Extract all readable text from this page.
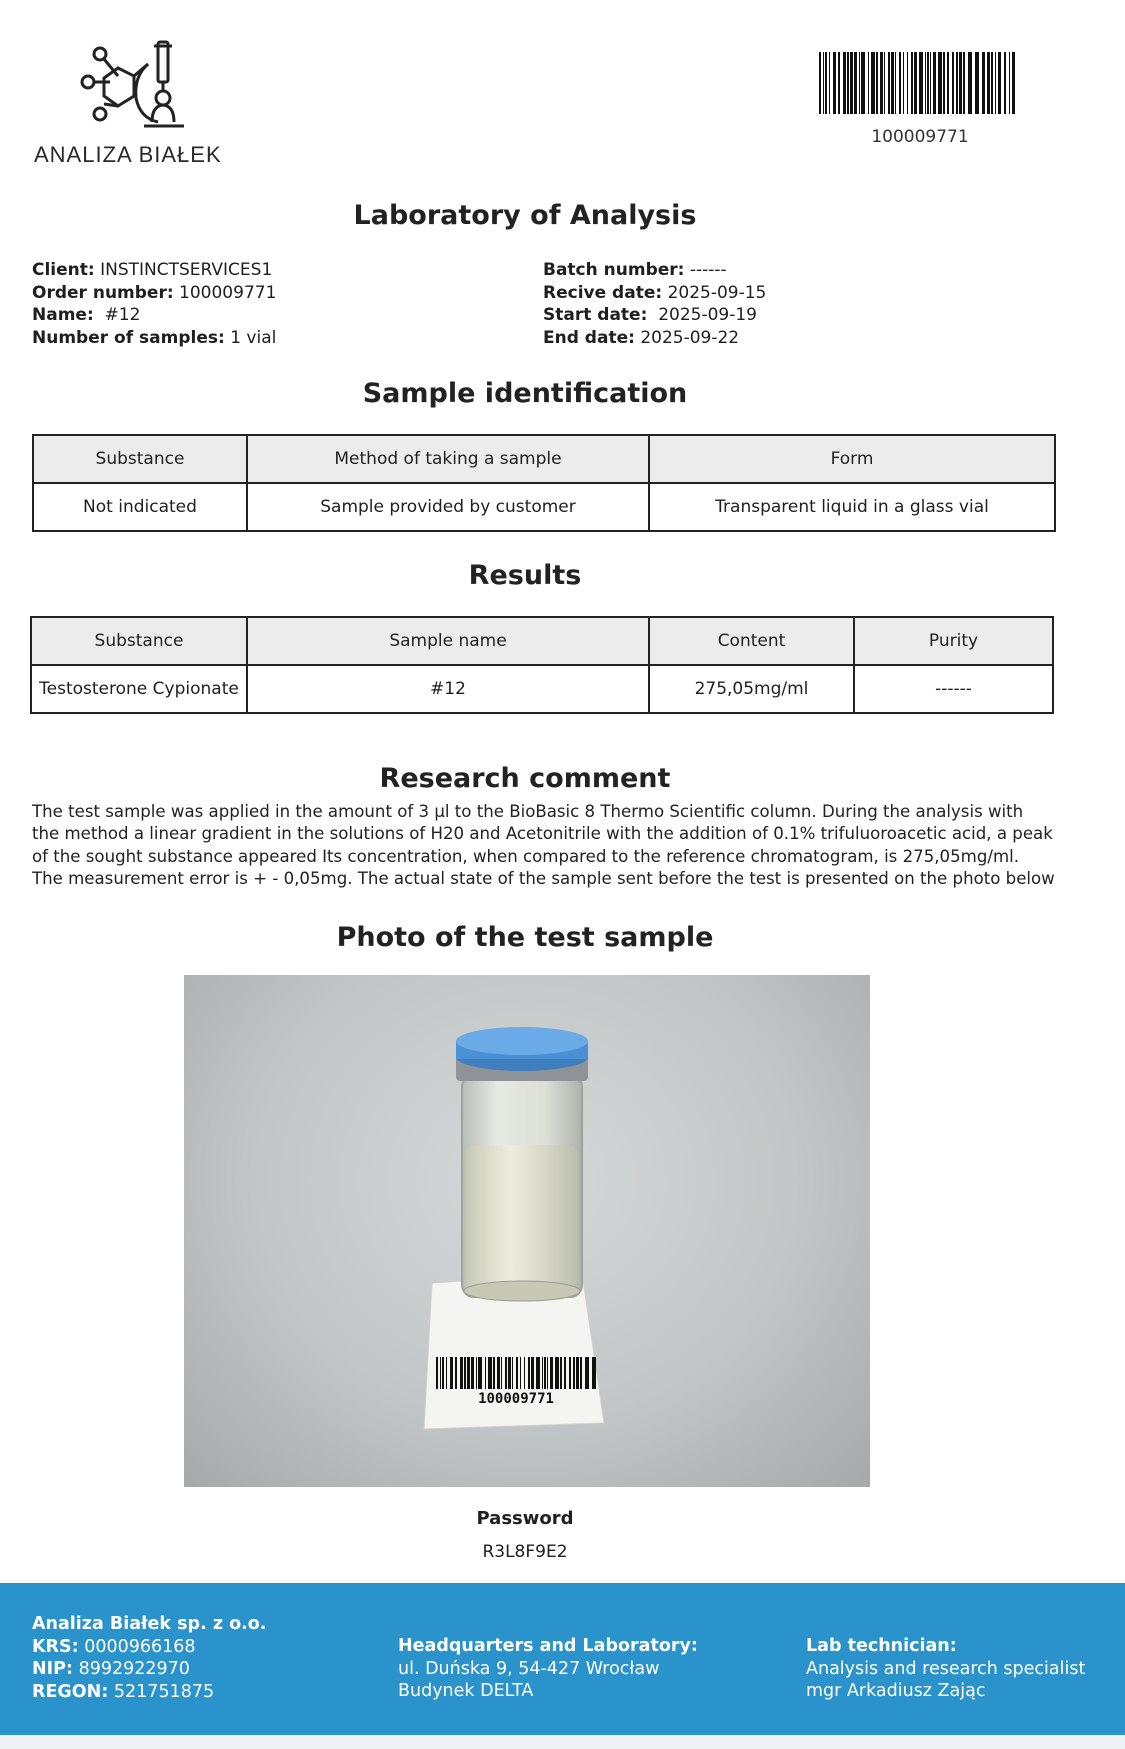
ANALIZA BIAŁEK
100009771
Laboratory of Analysis
Client: INSTINCTSERVICES1
Order number: 100009771
Name: #12
Number of samples: 1 vial
Batch number: ------
Recive date: 2025-09-15
Start date: 2025-09-19
End date: 2025-09-22
Sample identification
Substance	Method of taking a sample	Form
Not indicated	Sample provided by customer	Transparent liquid in a glass vial
Results
Substance	Sample name	Content	Purity
Testosterone Cypionate	#12	275,05mg/ml	------
Research comment
The test sample was applied in the amount of 3 µl to the BioBasic 8 Thermo Scientific column. During the analysis with
the method a linear gradient in the solutions of H20 and Acetonitrile with the addition of 0.1% trifuluoroacetic acid, a peak
of the sought substance appeared Its concentration, when compared to the reference chromatogram, is 275,05mg/ml.
The measurement error is + - 0,05mg. The actual state of the sample sent before the test is presented on the photo below
Photo of the test sample
100009771
Password
R3L8F9E2
Analiza Białek sp. z o.o.
KRS: 0000966168
NIP: 8992922970
REGON: 521751875
Headquarters and Laboratory:
ul. Duńska 9, 54-427 Wrocław
Budynek DELTA
Lab technician:
Analysis and research specialist
mgr Arkadiusz Zając
